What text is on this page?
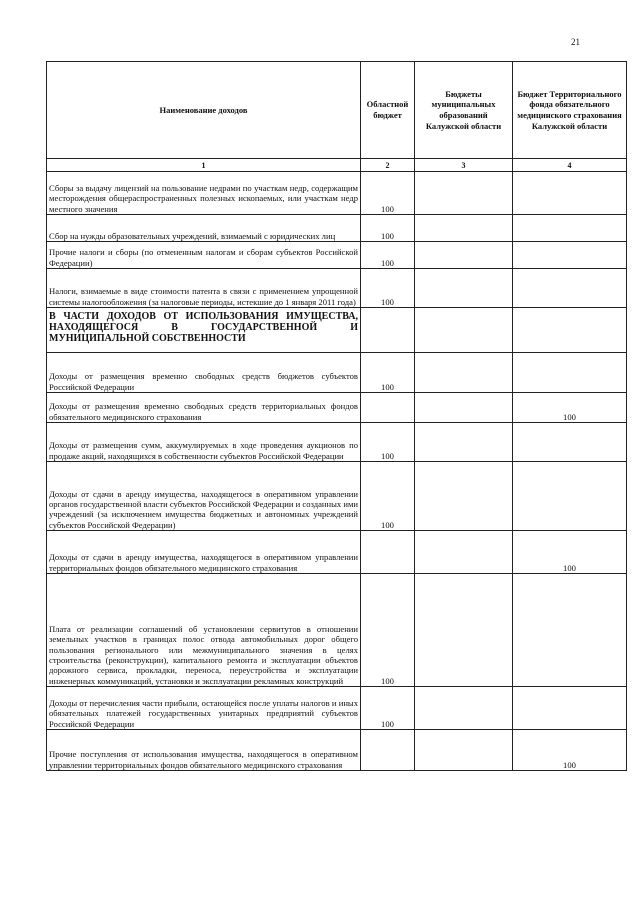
21
Наименование доходов	Областной бюджет	Бюджеты муниципальных образований Калужской области	Бюджет Территориального фонда обязательного медицинского страхования Калужской области
1	2	3	4
Сборы за выдачу лицензий на пользование недрами по участкам недр, содержащим месторождения общераспространенных полезных ископаемых, или участкам недр местного значения	100		
Сбор на нужды образовательных учреждений, взимаемый с юридических лиц	100		
Прочие налоги и сборы (по отмененным налогам и сборам субъектов Российской Федерации)	100		
Налоги, взимаемые в виде стоимости патента в связи с применением упрощенной системы налогообложения (за налоговые периоды, истекшие до 1 января 2011 года)	100		
В ЧАСТИ ДОХОДОВ ОТ ИСПОЛЬЗОВАНИЯ ИМУЩЕСТВА, НАХОДЯЩЕГОСЯ В ГОСУДАРСТВЕННОЙ И МУНИЦИПАЛЬНОЙ СОБСТВЕННОСТИ			
Доходы от размещения временно свободных средств бюджетов субъектов Российской Федерации	100		
Доходы от размещения временно свободных средств территориальных фондов обязательного медицинского страхования			100
Доходы от размещения сумм, аккумулируемых в ходе проведения аукционов по продаже акций, находящихся в собственности субъектов Российской Федерации	100		
Доходы от сдачи в аренду имущества, находящегося в оперативном управлении органов государственной власти субъектов Российской Федерации и созданных ими учреждений (за исключением имущества бюджетных и автономных учреждений субъектов Российской Федерации)	100		
Доходы от сдачи в аренду имущества, находящегося в оперативном управлении территориальных фондов обязательного медицинского страхования			100
Плата от реализации соглашений об установлении сервитутов в отношении земельных участков в границах полос отвода автомобильных дорог общего пользования регионального или межмуниципального значения в целях строительства (реконструкции), капитального ремонта и эксплуатации объектов дорожного сервиса, прокладки, переноса, переустройства и эксплуатации инженерных коммуникаций, установки и эксплуатации рекламных конструкций	100		
Доходы от перечисления части прибыли, остающейся после уплаты налогов и иных обязательных платежей государственных унитарных предприятий субъектов Российской Федерации	100		
Прочие поступления от использования имущества, находящегося в оперативном управлении территориальных фондов обязательного медицинского страхования			100
